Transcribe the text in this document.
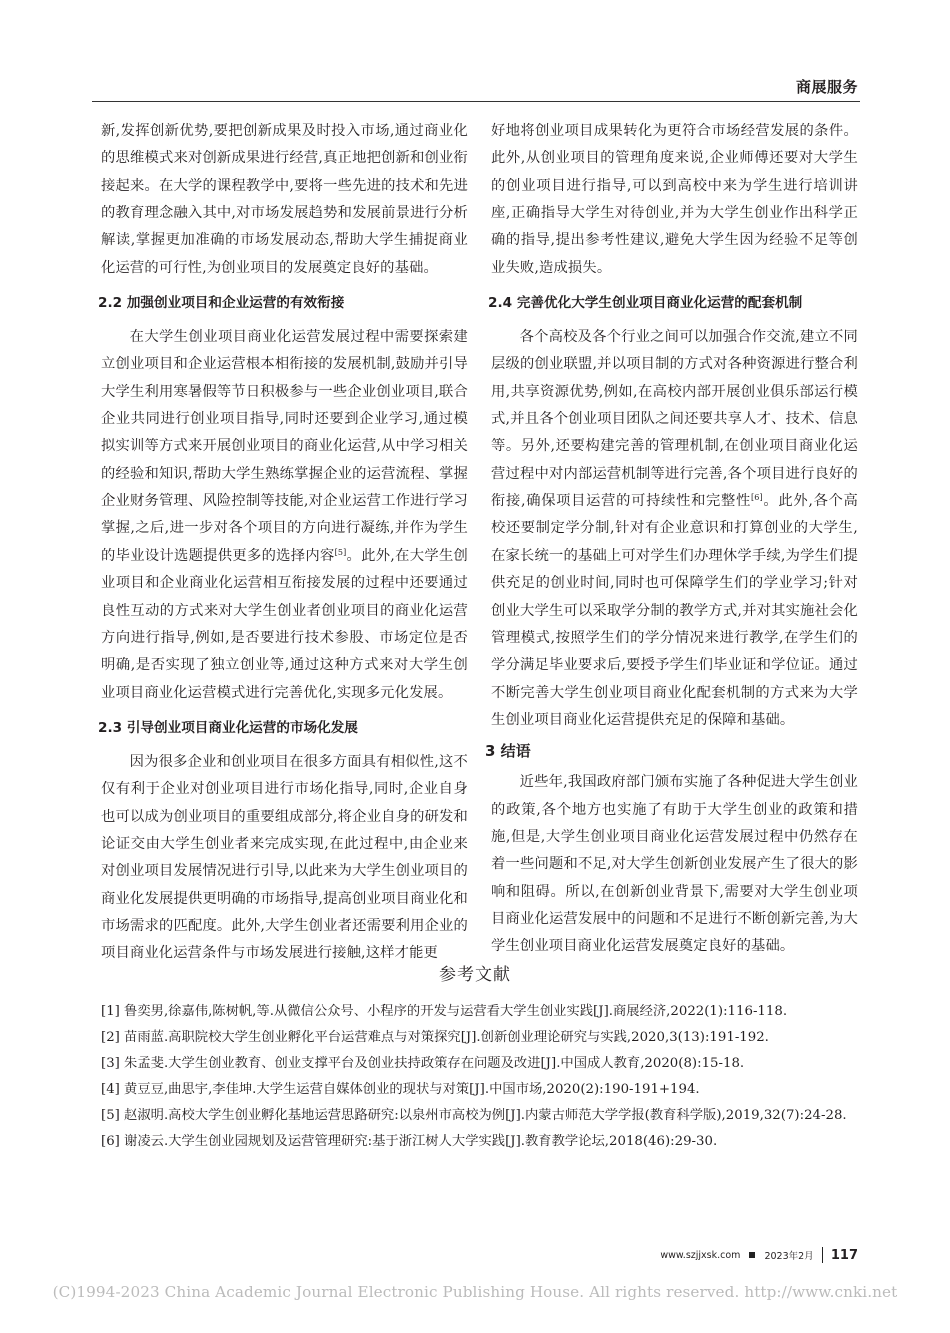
商展服务

新,发挥创新优势,要把创新成果及时投入市场,通过商业化的思维模式来对创新成果进行经营,真正地把创新和创业衔接起来。在大学的课程教学中,要将一些先进的技术和先进的教育理念融入其中,对市场发展趋势和发展前景进行分析解读,掌握更加准确的市场发展动态,帮助大学生捕捉商业化运营的可行性,为创业项目的发展奠定良好的基础。

2.2 加强创业项目和企业运营的有效衔接

在大学生创业项目商业化运营发展过程中需要探索建立创业项目和企业运营根本相衔接的发展机制,鼓励并引导大学生利用寒暑假等节日积极参与一些企业创业项目,联合企业共同进行创业项目指导,同时还要到企业学习,通过模拟实训等方式来开展创业项目的商业化运营,从中学习相关的经验和知识,帮助大学生熟练掌握企业的运营流程、掌握企业财务管理、风险控制等技能,对企业运营工作进行学习掌握,之后,进一步对各个项目的方向进行凝练,并作为学生的毕业设计选题提供更多的选择内容[5]。此外,在大学生创业项目和企业商业化运营相互衔接发展的过程中还要通过良性互动的方式来对大学生创业者创业项目的商业化运营方向进行指导,例如,是否要进行技术参股、市场定位是否明确,是否实现了独立创业等,通过这种方式来对大学生创业项目商业化运营模式进行完善优化,实现多元化发展。

2.3 引导创业项目商业化运营的市场化发展

因为很多企业和创业项目在很多方面具有相似性,这不仅有利于企业对创业项目进行市场化指导,同时,企业自身也可以成为创业项目的重要组成部分,将企业自身的研发和论证交由大学生创业者来完成实现,在此过程中,由企业来对创业项目发展情况进行引导,以此来为大学生创业项目的商业化发展提供更明确的市场指导,提高创业项目商业化和市场需求的匹配度。此外,大学生创业者还需要利用企业的项目商业化运营条件与市场发展进行接触,这样才能更

好地将创业项目成果转化为更符合市场经营发展的条件。此外,从创业项目的管理角度来说,企业师傅还要对大学生的创业项目进行指导,可以到高校中来为学生进行培训讲座,正确指导大学生对待创业,并为大学生创业作出科学正确的指导,提出参考性建议,避免大学生因为经验不足等创业失败,造成损失。

2.4 完善优化大学生创业项目商业化运营的配套机制

各个高校及各个行业之间可以加强合作交流,建立不同层级的创业联盟,并以项目制的方式对各种资源进行整合利用,共享资源优势,例如,在高校内部开展创业俱乐部运行模式,并且各个创业项目团队之间还要共享人才、技术、信息等。另外,还要构建完善的管理机制,在创业项目商业化运营过程中对内部运营机制等进行完善,各个项目进行良好的衔接,确保项目运营的可持续性和完整性[6]。此外,各个高校还要制定学分制,针对有企业意识和打算创业的大学生,在家长统一的基础上可对学生们办理休学手续,为学生们提供充足的创业时间,同时也可保障学生们的学业学习;针对创业大学生可以采取学分制的教学方式,并对其实施社会化管理模式,按照学生们的学分情况来进行教学,在学生们的学分满足毕业要求后,要授予学生们毕业证和学位证。通过不断完善大学生创业项目商业化配套机制的方式来为大学生创业项目商业化运营提供充足的保障和基础。

3 结语

近些年,我国政府部门颁布实施了各种促进大学生创业的政策,各个地方也实施了有助于大学生创业的政策和措施,但是,大学生创业项目商业化运营发展过程中仍然存在着一些问题和不足,对大学生创新创业发展产生了很大的影响和阻碍。所以,在创新创业背景下,需要对大学生创业项目商业化运营发展中的问题和不足进行不断创新完善,为大学生创业项目商业化运营发展奠定良好的基础。

参考文献

[1] 鲁奕男,徐嘉伟,陈树帆,等.从微信公众号、小程序的开发与运营看大学生创业实践[J].商展经济,2022(1):116-118.

[2] 苗雨蓝.高职院校大学生创业孵化平台运营难点与对策探究[J].创新创业理论研究与实践,2020,3(13):191-192.

[3] 朱孟斐.大学生创业教育、创业支撑平台及创业扶持政策存在问题及改进[J].中国成人教育,2020(8):15-18.

[4] 黄豆豆,曲思宇,李佳坤.大学生运营自媒体创业的现状与对策[J].中国市场,2020(2):190-191+194.

[5] 赵淑明.高校大学生创业孵化基地运营思路研究:以泉州市高校为例[J].内蒙古师范大学学报(教育科学版),2019,32(7):24-28.

[6] 谢凌云.大学生创业园规划及运营管理研究:基于浙江树人大学实践[J].教育教学论坛,2018(46):29-30.

www.szjjxsk.com	2023年2月 117
(C)1994-2023 China Academic Journal Electronic Publishing House. All rights reserved. http://www.cnki.net
